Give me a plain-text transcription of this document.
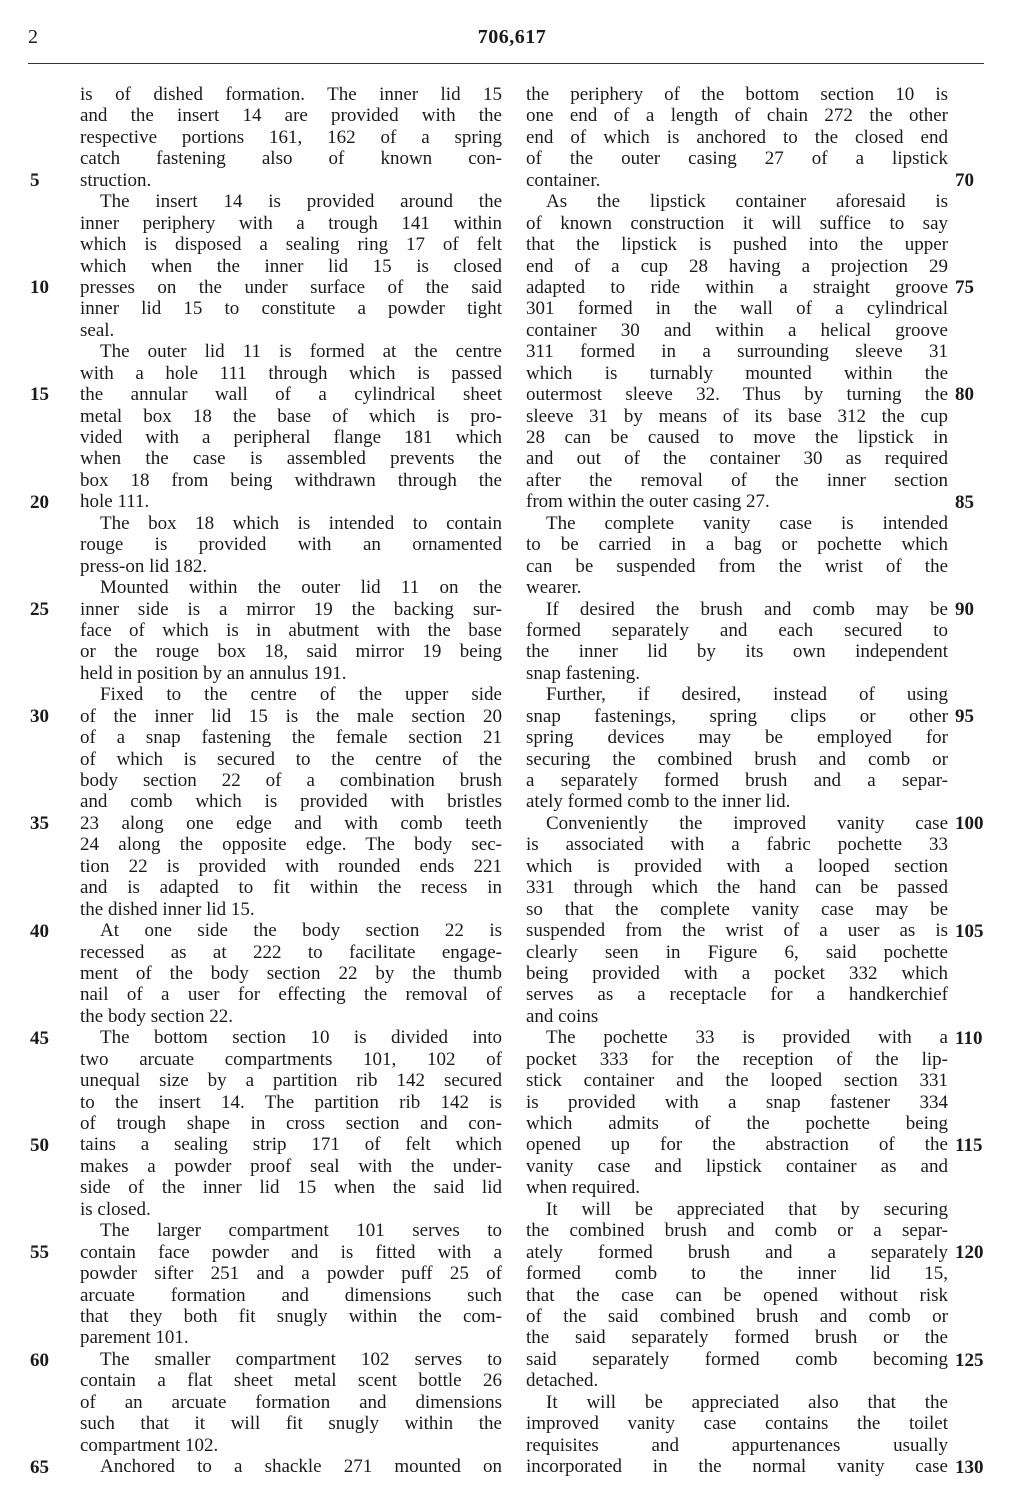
2	706,617
is of dished formation. The inner lid 15
and the insert 14 are provided with the
respective portions 161, 162 of a spring
catch fastening also of known con-
struction.
The insert 14 is provided around the
inner periphery with a trough 141 within
which is disposed a sealing ring 17 of felt
which when the inner lid 15 is closed
presses on the under surface of the said
inner lid 15 to constitute a powder tight
seal.
The outer lid 11 is formed at the centre
with a hole 111 through which is passed
the annular wall of a cylindrical sheet
metal box 18 the base of which is pro-
vided with a peripheral flange 181 which
when the case is assembled prevents the
box 18 from being withdrawn through the
hole 111.
The box 18 which is intended to contain
rouge is provided with an ornamented
press-on lid 182.
Mounted within the outer lid 11 on the
inner side is a mirror 19 the backing sur-
face of which is in abutment with the base
or the rouge box 18, said mirror 19 being
held in position by an annulus 191.
Fixed to the centre of the upper side
of the inner lid 15 is the male section 20
of a snap fastening the female section 21
of which is secured to the centre of the
body section 22 of a combination brush
and comb which is provided with bristles
23 along one edge and with comb teeth
24 along the opposite edge. The body sec-
tion 22 is provided with rounded ends 221
and is adapted to fit within the recess in
the dished inner lid 15.
At one side the body section 22 is
recessed as at 222 to facilitate engage-
ment of the body section 22 by the thumb
nail of a user for effecting the removal of
the body section 22.
The bottom section 10 is divided into
two arcuate compartments 101, 102 of
unequal size by a partition rib 142 secured
to the insert 14. The partition rib 142 is
of trough shape in cross section and con-
tains a sealing strip 171 of felt which
makes a powder proof seal with the under-
side of the inner lid 15 when the said lid
is closed.
The larger compartment 101 serves to
contain face powder and is fitted with a
powder sifter 251 and a powder puff 25 of
arcuate formation and dimensions such
that they both fit snugly within the com-
parement 101.
The smaller compartment 102 serves to
contain a flat sheet metal scent bottle 26
of an arcuate formation and dimensions
such that it will fit snugly within the
compartment 102.
Anchored to a shackle 271 mounted on
the periphery of the bottom section 10 is
one end of a length of chain 272 the other
end of which is anchored to the closed end
of the outer casing 27 of a lipstick
container.
As the lipstick container aforesaid is
of known construction it will suffice to say
that the lipstick is pushed into the upper
end of a cup 28 having a projection 29
adapted to ride within a straight groove
301 formed in the wall of a cylindrical
container 30 and within a helical groove
311 formed in a surrounding sleeve 31
which is turnably mounted within the
outermost sleeve 32. Thus by turning the
sleeve 31 by means of its base 312 the cup
28 can be caused to move the lipstick in
and out of the container 30 as required
after the removal of the inner section
from within the outer casing 27.
The complete vanity case is intended
to be carried in a bag or pochette which
can be suspended from the wrist of the
wearer.
If desired the brush and comb may be
formed separately and each secured to
the inner lid by its own independent
snap fastening.
Further, if desired, instead of using
snap fastenings, spring clips or other
spring devices may be employed for
securing the combined brush and comb or
a separately formed brush and a separ-
ately formed comb to the inner lid.
Conveniently the improved vanity case
is associated with a fabric pochette 33
which is provided with a looped section
331 through which the hand can be passed
so that the complete vanity case may be
suspended from the wrist of a user as is
clearly seen in Figure 6, said pochette
being provided with a pocket 332 which
serves as a receptacle for a handkerchief
and coins
The pochette 33 is provided with a
pocket 333 for the reception of the lip-
stick container and the looped section 331
is provided with a snap fastener 334
which admits of the pochette being
opened up for the abstraction of the
vanity case and lipstick container as and
when required.
It will be appreciated that by securing
the combined brush and comb or a separ-
ately formed brush and a separately
formed comb to the inner lid 15,
that the case can be opened without risk
of the said combined brush and comb or
the said separately formed brush or the
said separately formed comb becoming
detached.
It will be appreciated also that the
improved vanity case contains the toilet
requisites and appurtenances usually
incorporated in the normal vanity case
5
10
15
20
25
30
35
40
45
50
55
60
65
70
75
80
85
90
95
100
105
110
115
120
125
130
